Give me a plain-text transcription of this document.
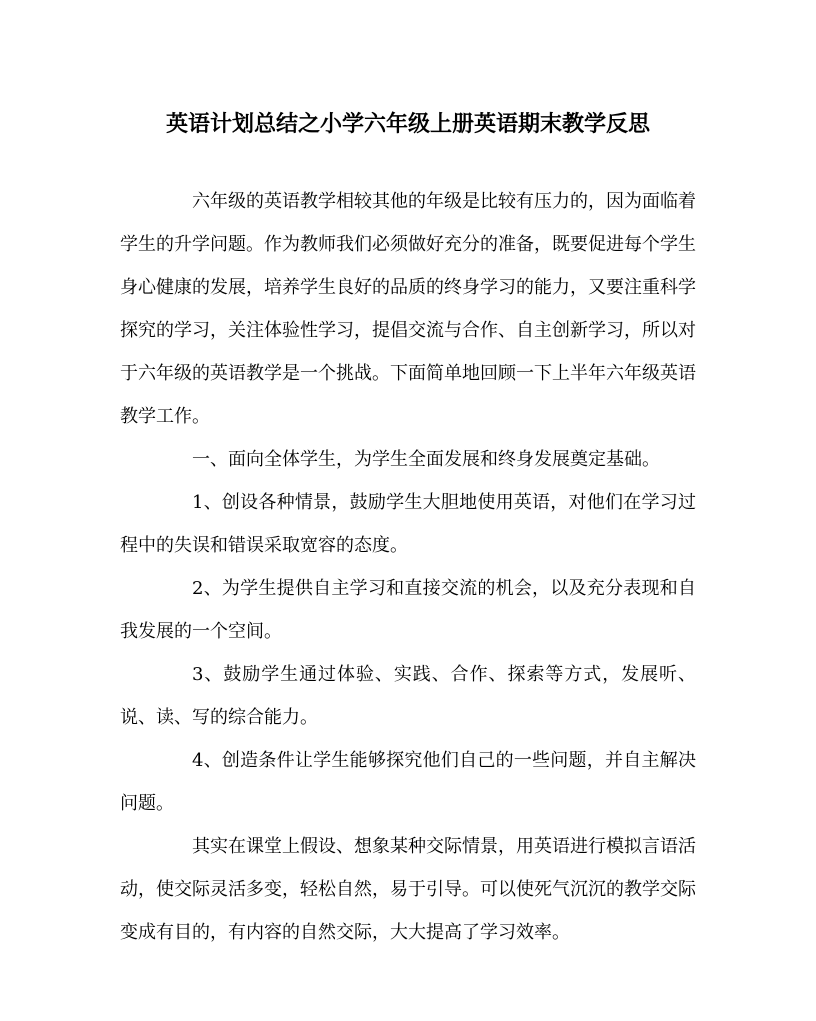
英语计划总结之小学六年级上册英语期末教学反思

六年级的英语教学相较其他的年级是比较有压力的，因为面临着学生的升学问题。作为教师我们必须做好充分的准备，既要促进每个学生身心健康的发展，培养学生良好的品质的终身学习的能力，又要注重科学探究的学习，关注体验性学习，提倡交流与合作、自主创新学习，所以对于六年级的英语教学是一个挑战。下面简单地回顾一下上半年六年级英语教学工作。

一、面向全体学生，为学生全面发展和终身发展奠定基础。

1、创设各种情景，鼓励学生大胆地使用英语，对他们在学习过程中的失误和错误采取宽容的态度。

2、为学生提供自主学习和直接交流的机会，以及充分表现和自我发展的一个空间。

3、鼓励学生通过体验、实践、合作、探索等方式，发展听、说、读、写的综合能力。

4、创造条件让学生能够探究他们自己的一些问题，并自主解决问题。

其实在课堂上假设、想象某种交际情景，用英语进行模拟言语活动，使交际灵活多变，轻松自然，易于引导。可以使死气沉沉的教学交际变成有目的，有内容的自然交际，大大提高了学习效率。
